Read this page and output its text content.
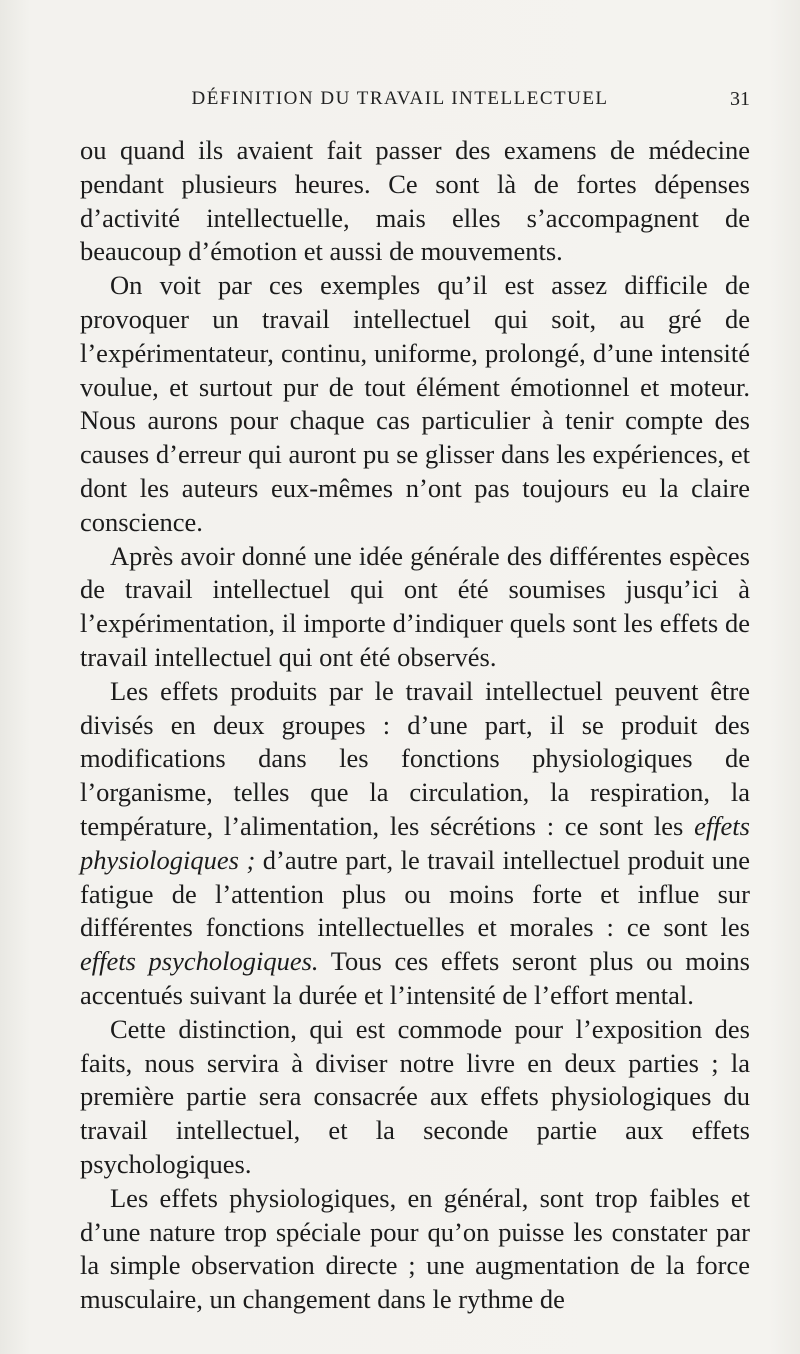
DÉFINITION DU TRAVAIL INTELLECTUEL	31

ou quand ils avaient fait passer des examens de médecine pendant plusieurs heures. Ce sont là de fortes dépenses d’activité intellectuelle, mais elles s’accompagnent de beaucoup d’émotion et aussi de mouvements.

On voit par ces exemples qu’il est assez difficile de provoquer un travail intellectuel qui soit, au gré de l’expérimentateur, continu, uniforme, prolongé, d’une intensité voulue, et surtout pur de tout élément émotionnel et moteur. Nous aurons pour chaque cas particulier à tenir compte des causes d’erreur qui auront pu se glisser dans les expériences, et dont les auteurs eux-mêmes n’ont pas toujours eu la claire conscience.

Après avoir donné une idée générale des différentes espèces de travail intellectuel qui ont été soumises jusqu’ici à l’expérimentation, il importe d’indiquer quels sont les effets de travail intellectuel qui ont été observés.

Les effets produits par le travail intellectuel peuvent être divisés en deux groupes : d’une part, il se produit des modifications dans les fonctions physiologiques de l’organisme, telles que la circulation, la respiration, la température, l’alimentation, les sécrétions : ce sont les effets physiologiques ; d’autre part, le travail intellectuel produit une fatigue de l’attention plus ou moins forte et influe sur différentes fonctions intellectuelles et morales : ce sont les effets psychologiques. Tous ces effets seront plus ou moins accentués suivant la durée et l’intensité de l’effort mental.

Cette distinction, qui est commode pour l’exposition des faits, nous servira à diviser notre livre en deux parties ; la première partie sera consacrée aux effets physiologiques du travail intellectuel, et la seconde partie aux effets psychologiques.

Les effets physiologiques, en général, sont trop faibles et d’une nature trop spéciale pour qu’on puisse les constater par la simple observation directe ; une augmentation de la force musculaire, un changement dans le rythme de
